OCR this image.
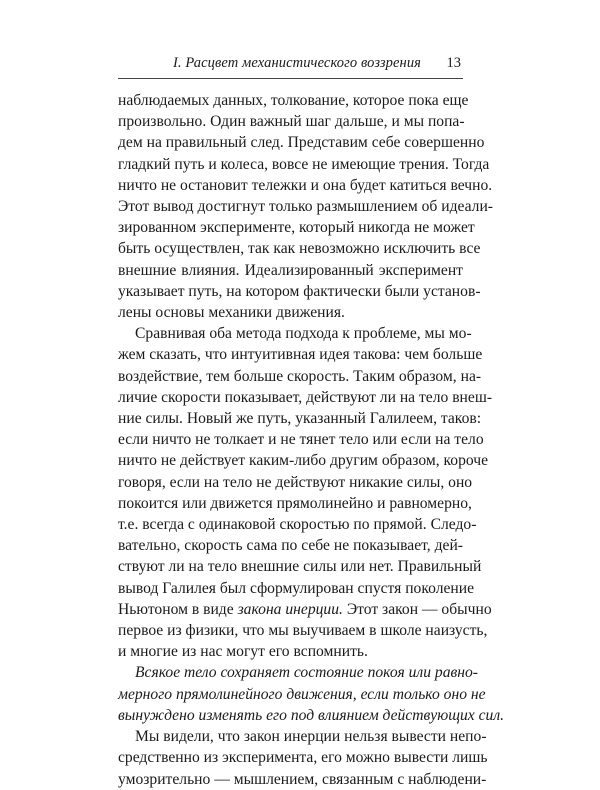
I. Расцвет механистического воззрения 13

наблюдаемых данных, толкование, которое пока еще
произвольно. Один важный шаг дальше, и мы попа-
дем на правильный след. Представим себе совершенно
гладкий путь и колеса, вовсе не имеющие трения. Тогда
ничто не остановит тележки и она будет катиться вечно.
Этот вывод достигнут только размышлением об идеали-
зированном эксперименте, который никогда не может
быть осуществлен, так как невозможно исключить все
внешние влияния. Идеализированный эксперимент
указывает путь, на котором фактически были установ-
лены основы механики движения.

Сравнивая оба метода подхода к проблеме, мы мо-
жем сказать, что интуитивная идея такова: чем больше
воздействие, тем больше скорость. Таким образом, на-
личие скорости показывает, действуют ли на тело внеш-
ние силы. Новый же путь, указанный Галилеем, таков:
если ничто не толкает и не тянет тело или если на тело
ничто не действует каким-либо другим образом, короче
говоря, если на тело не действуют никакие силы, оно
покоится или движется прямолинейно и равномерно,
т.е. всегда с одинаковой скоростью по прямой. Следо-
вательно, скорость сама по себе не показывает, дей-
ствуют ли на тело внешние силы или нет. Правильный
вывод Галилея был сформулирован спустя поколение
Ньютоном в виде закона инерции. Этот закон — обычно
первое из физики, что мы выучиваем в школе наизусть,
и многие из нас могут его вспомнить.

Всякое тело сохраняет состояние покоя или равно-
мерного прямолинейного движения, если только оно не
вынуждено изменять его под влиянием действующих сил.

Мы видели, что закон инерции нельзя вывести непо-
средственно из эксперимента, его можно вывести лишь
умозрительно — мышлением, связанным с наблюдени-
